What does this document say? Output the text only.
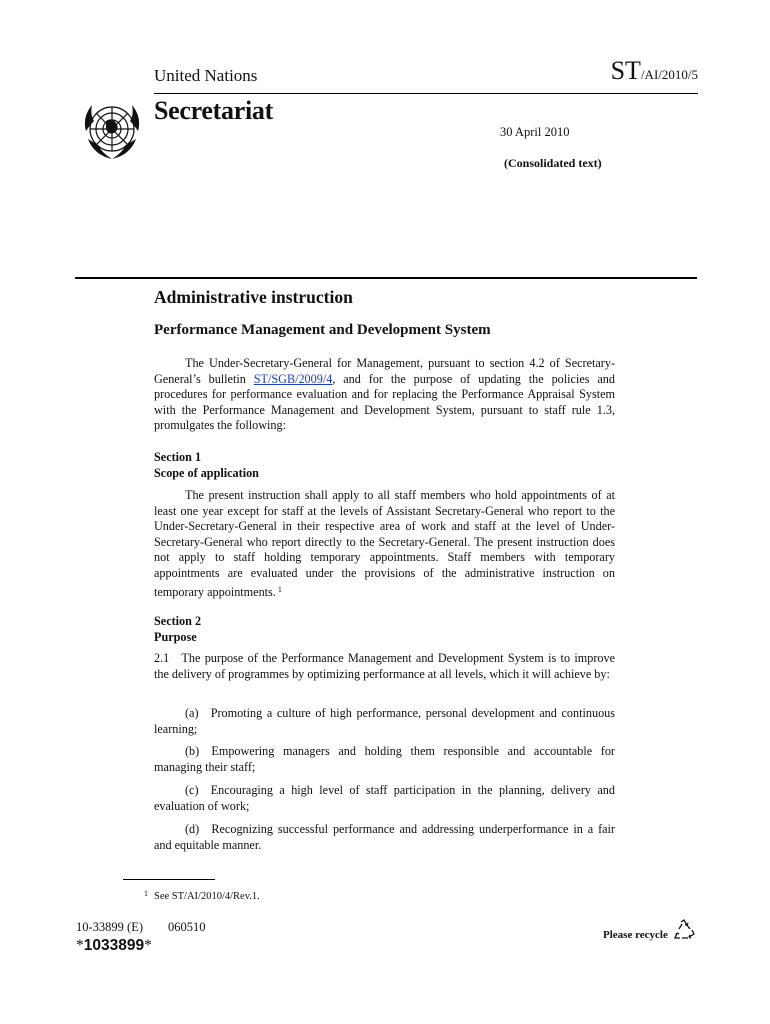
United Nations	ST/AI/2010/5
Secretariat
30 April 2010
(Consolidated text)
Administrative instruction
Performance Management and Development System

The Under-Secretary-General for Management, pursuant to section 4.2 of Secretary-General’s bulletin ST/SGB/2009/4, and for the purpose of updating the policies and procedures for performance evaluation and for replacing the Performance Appraisal System with the Performance Management and Development System, pursuant to staff rule 1.3, promulgates the following:

Section 1
Scope of application

The present instruction shall apply to all staff members who hold appointments of at least one year except for staff at the levels of Assistant Secretary-General who report to the Under-Secretary-General in their respective area of work and staff at the level of Under-Secretary-General who report directly to the Secretary-General. The present instruction does not apply to staff holding temporary appointments. Staff members with temporary appointments are evaluated under the provisions of the administrative instruction on temporary appointments. $^1$

Section 2
Purpose

2.1 The purpose of the Performance Management and Development System is to improve the delivery of programmes by optimizing performance at all levels, which it will achieve by:

(a) Promoting a culture of high performance, personal development and continuous learning;

(b) Empowering managers and holding them responsible and accountable for managing their staff;

(c) Encouraging a high level of staff participation in the planning, delivery and evaluation of work;

(d) Recognizing successful performance and addressing underperformance in a fair and equitable manner.

$^1$ See ST/AI/2010/4/Rev.1.
10-33899 (E)  060510
*1033899*
Please recycle
